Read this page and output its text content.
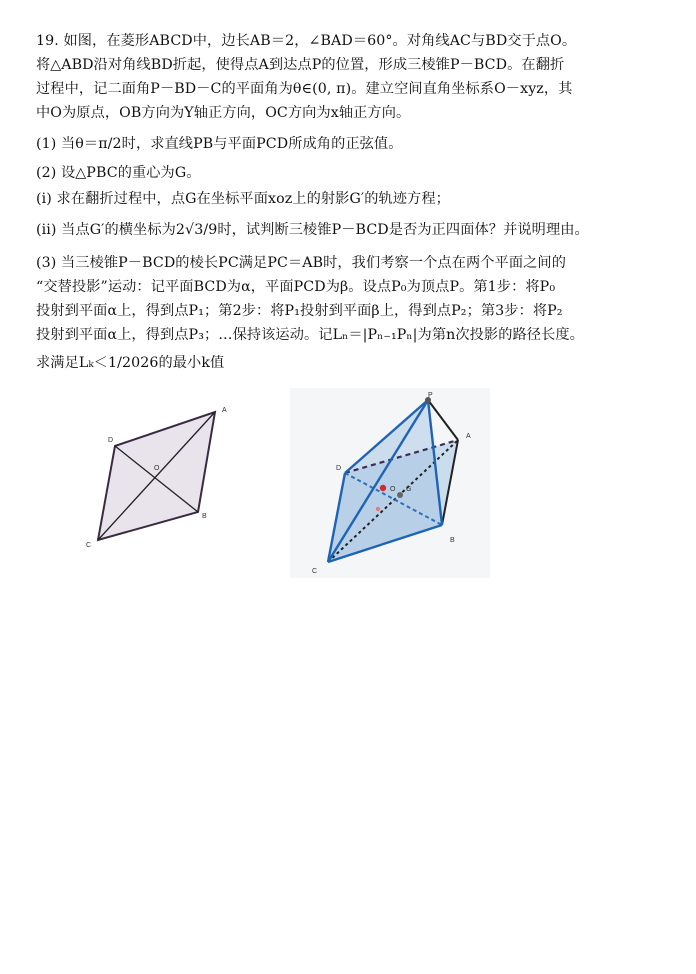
19. 如图，在菱形ABCD中，边长AB＝2，∠BAD＝60°。对角线AC与BD交于点O。
将△ABD沿对角线BD折起，使得点A到达点P的位置，形成三棱锥P－BCD。在翻折
过程中，记二面角P－BD－C的平面角为θ∈(0, π)。建立空间直角坐标系O－xyz，其
中O为原点，OB方向为Y轴正方向，OC方向为x轴正方向。
(1) 当θ＝π/2时，求直线PB与平面PCD所成角的正弦值。
(2) 设△PBC的重心为G。
(i) 求在翻折过程中，点G在坐标平面xoz上的射影G′的轨迹方程；
(ii) 当点G′的横坐标为2√3/9时，试判断三棱锥P－BCD是否为正四面体？并说明理由。
(3) 当三棱锥P－BCD的棱长PC满足PC＝AB时，我们考察一个点在两个平面之间的
“交替投影”运动：记平面BCD为α，平面PCD为β。设点P₀为顶点P。第1步：将P₀
投射到平面α上，得到点P₁；第2步：将P₁投射到平面β上，得到点P₂；第3步：将P₂
投射到平面α上，得到点P₃；…保持该运动。记Lₙ＝|Pₙ₋₁Pₙ|为第n次投影的路径长度。
求满足Lₖ＜1/2026的最小k值
A
B
C
D
O
P
A
B
C
D
O G
